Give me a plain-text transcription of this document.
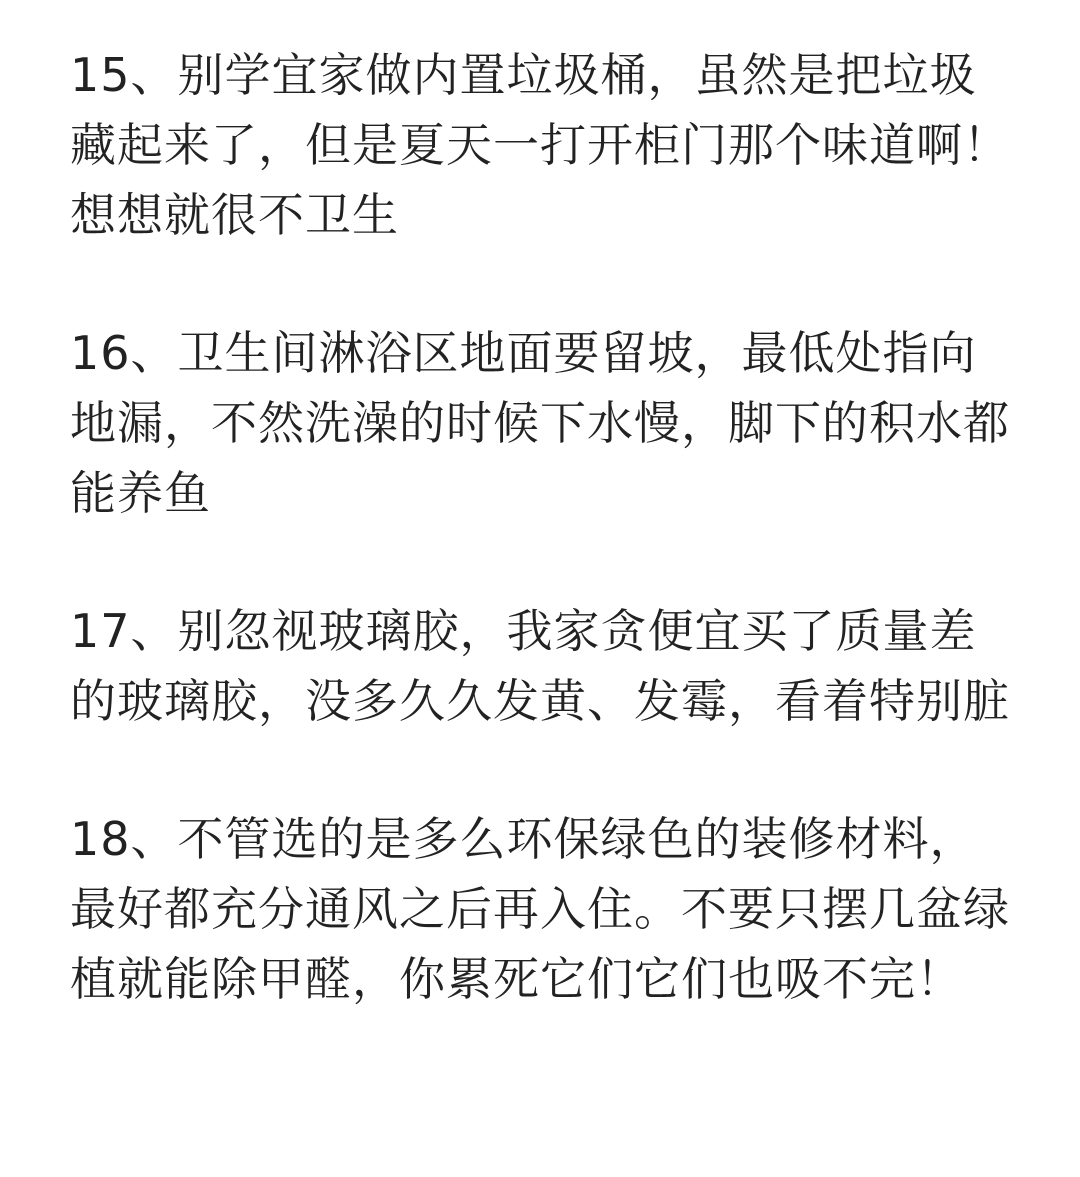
15、别学宜家做内置垃圾桶，虽然是把垃圾藏起来了，但是夏天一打开柜门那个味道啊！想想就很不卫生

16、卫生间淋浴区地面要留坡，最低处指向地漏，不然洗澡的时候下水慢，脚下的积水都能养鱼

17、别忽视玻璃胶，我家贪便宜买了质量差的玻璃胶，没多久久发黄、发霉，看着特别脏

18、不管选的是多么环保绿色的装修材料，最好都充分通风之后再入住。不要只摆几盆绿植就能除甲醛，你累死它们它们也吸不完！
